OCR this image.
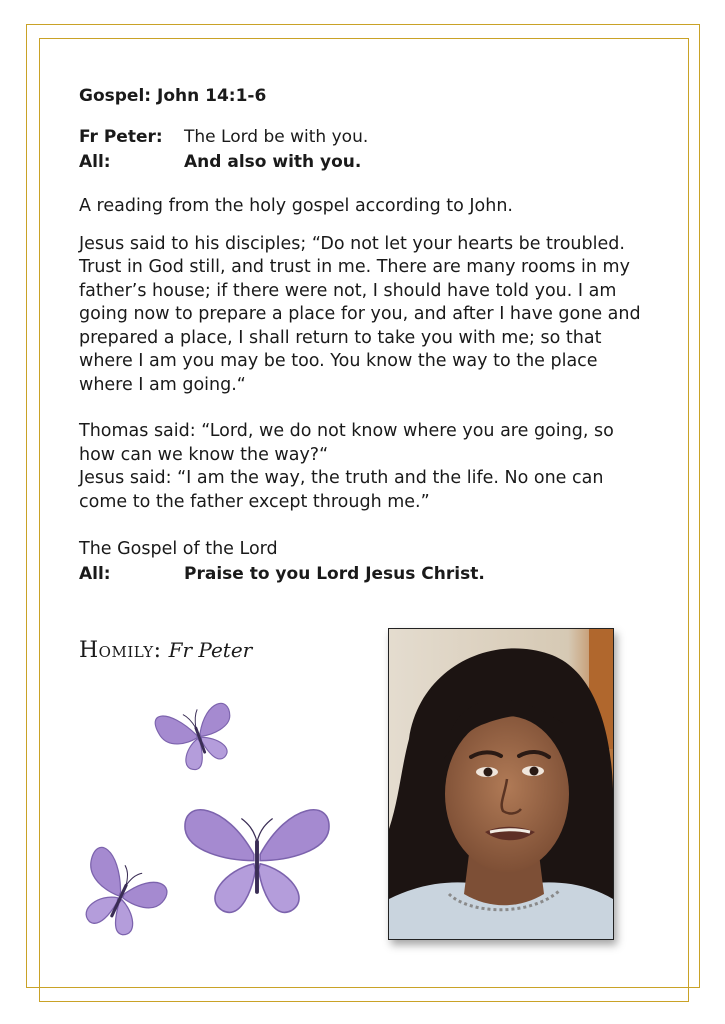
Gospel: John 14:1-6
Fr Peter:	The Lord be with you.
All:	And also with you.

A reading from the holy gospel according to John.

Jesus said to his disciples; “Do not let your hearts be troubled. Trust in God still, and trust in me. There are many rooms in my father’s house; if there were not, I should have told you. I am going now to prepare a place for you, and after I have gone and prepared a place, I shall return to take you with me; so that where I am you may be too. You know the way to the place where I am going.“

Thomas said: “Lord, we do not know where you are going, so how can we know the way?“

Jesus said: “I am the way, the truth and the life. No one can come to the father except through me.”

The Gospel of the Lord

All:	Praise to you Lord Jesus Christ.
Homily: Fr Peter
